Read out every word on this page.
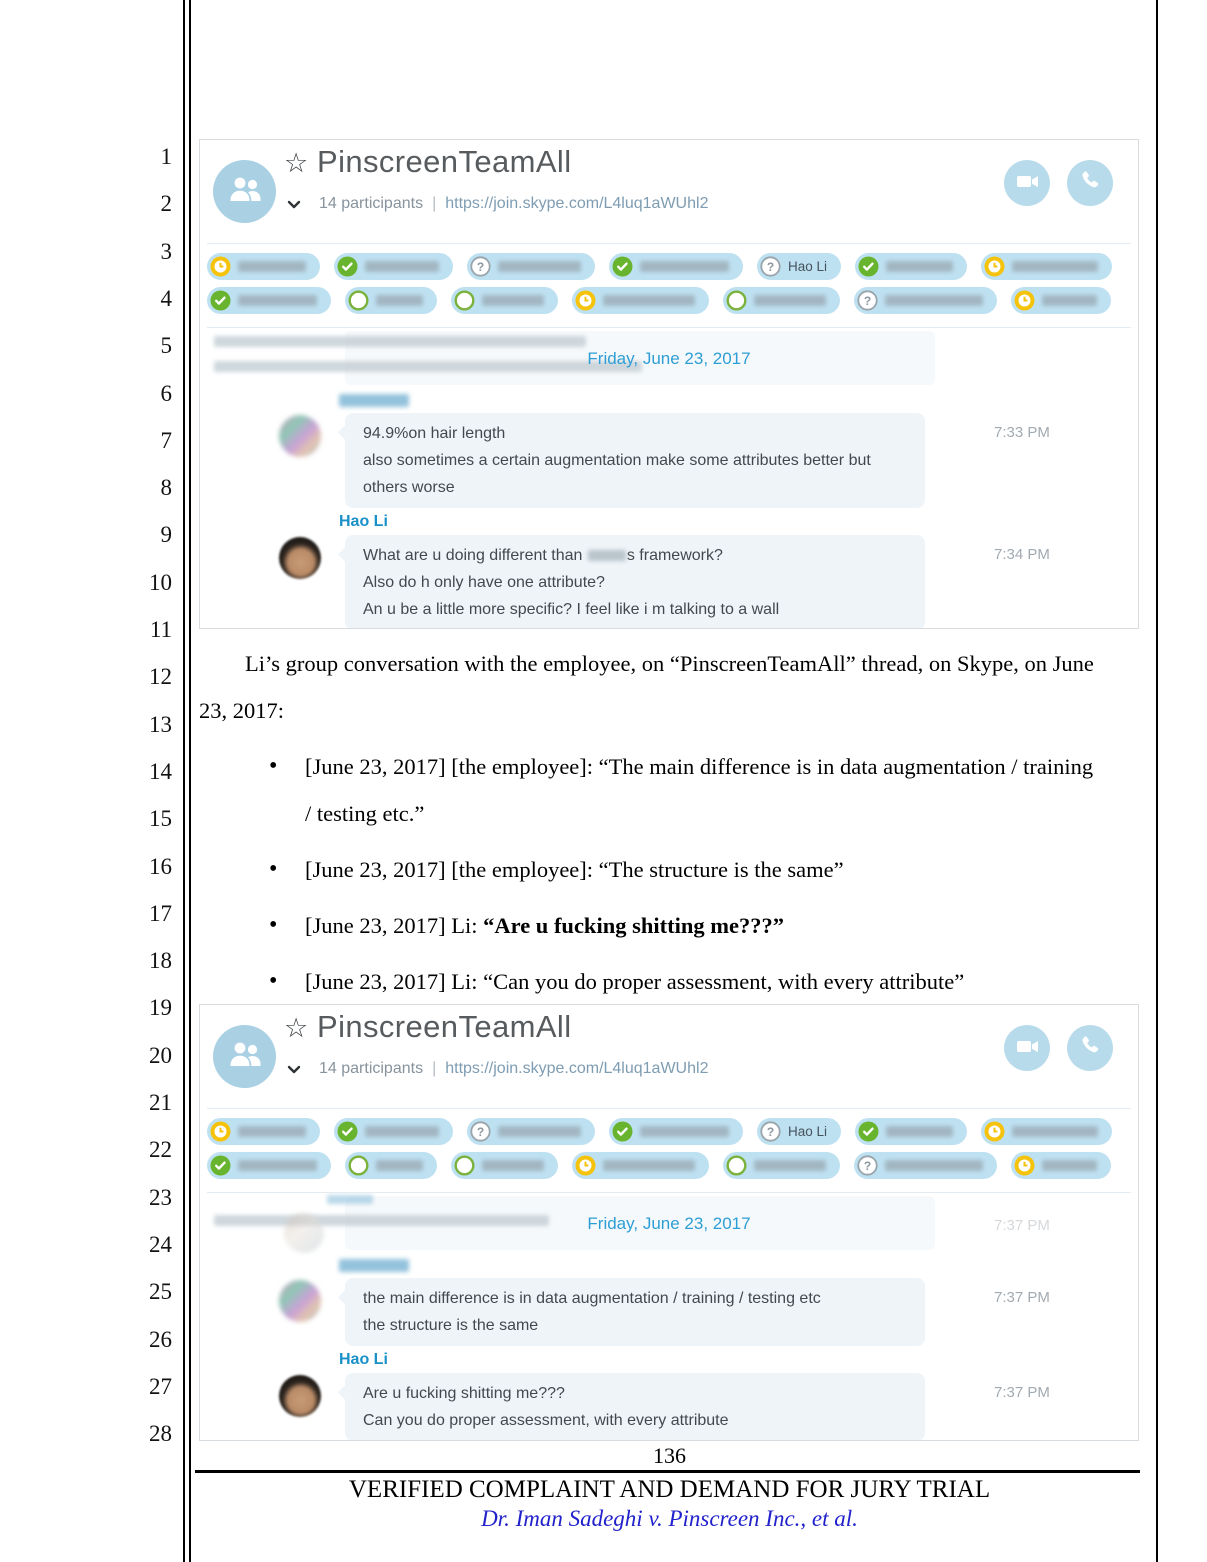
1
2
3
4
5
6
7
8
9
10
11
12
13
14
15
16
17
18
19
20
21
22
23
24
25
26
27
28
☆ PinscreenTeamAll
14 participants | https://join.skype.com/L4luq1aWUhl2
?	? Hao Li
?
Friday, June 23, 2017

94.9%on hair length

also sometimes a certain augmentation make some attributes better but

others worse

7:33 PM
Hao Li

What are u doing different than	s framework?

Also do h only have one attribute?

An u be a little more specific? I feel like i m talking to a wall

7:34 PM

Li’s group conversation with the employee, on “PinscreenTeamAll” thread, on Skype, on June
23, 2017:

• [June 23, 2017] [the employee]: “The main difference is in data augmentation / training
/ testing etc.”
• [June 23, 2017] [the employee]: “The structure is the same”
• [June 23, 2017] Li: “Are u fucking shitting me???”
• [June 23, 2017] Li: “Can you do proper assessment, with every attribute”
☆ PinscreenTeamAll
14 participants | https://join.skype.com/L4luq1aWUhl2
?	? Hao Li
?
7:37 PM
Friday, June 23, 2017

the main difference is in data augmentation / training / testing etc

the structure is the same

7:37 PM
Hao Li

Are u fucking shitting me???

Can you do proper assessment, with every attribute

7:37 PM
136
VERIFIED COMPLAINT AND DEMAND FOR JURY TRIAL
Dr. Iman Sadeghi v. Pinscreen Inc., et al.
